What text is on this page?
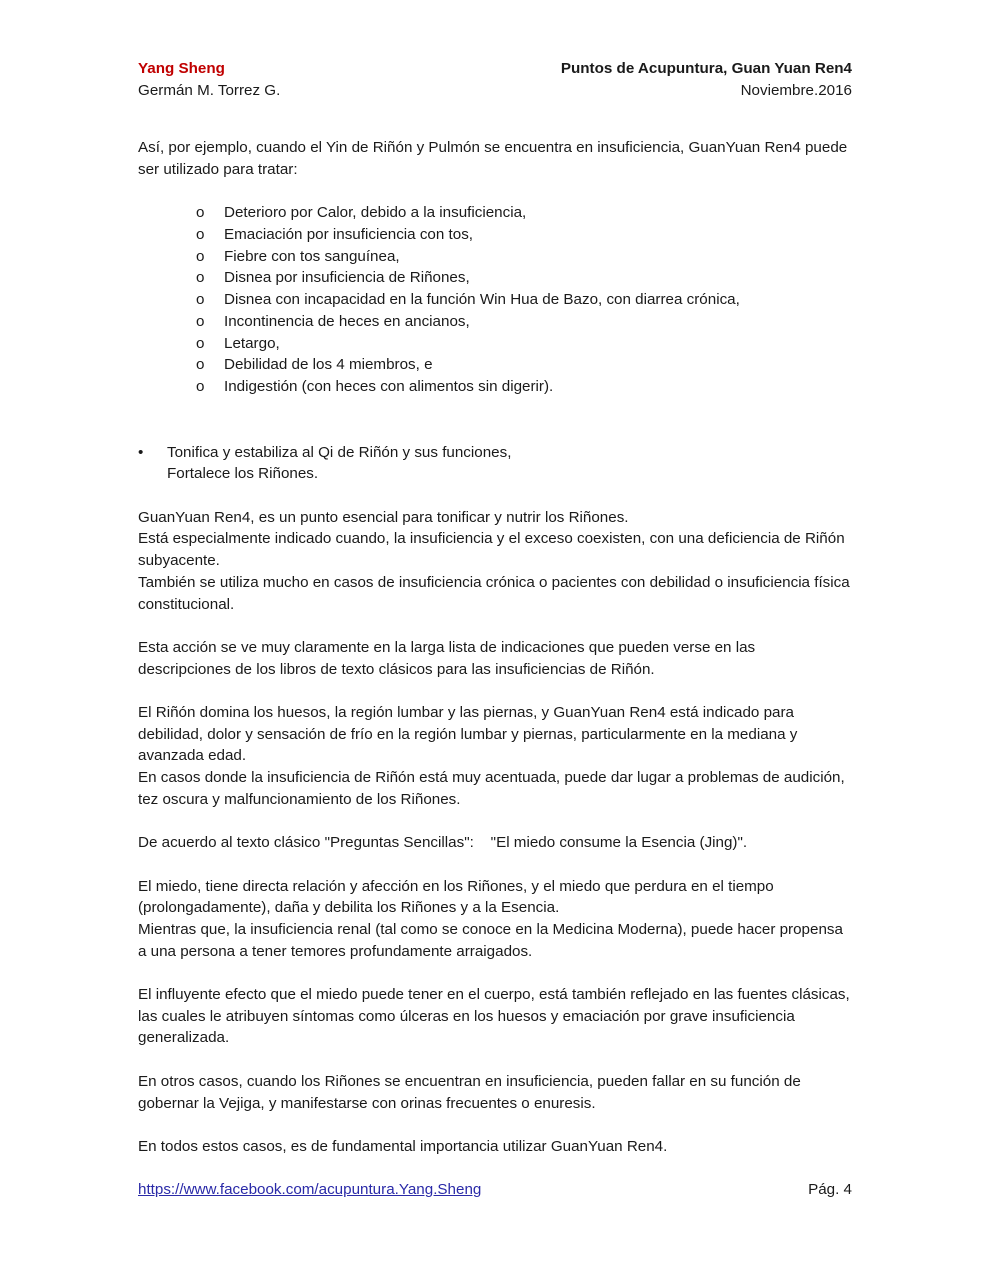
Yang Sheng	Puntos de Acupuntura, Guan Yuan Ren4
Germán M. Torrez G.	Noviembre.2016

Así, por ejemplo, cuando el Yin de Riñón y Pulmón se encuentra en insuficiencia, GuanYuan Ren4 puede ser utilizado para tratar:

o Deterioro por Calor, debido a la insuficiencia,
o Emaciación por insuficiencia con tos,
o Fiebre con tos sanguínea,
o Disnea por insuficiencia de Riñones,
o Disnea con incapacidad en la función Win Hua de Bazo, con diarrea crónica,
o Incontinencia de heces en ancianos,
o Letargo,
o Debilidad de los 4 miembros, e
o Indigestión (con heces con alimentos sin digerir).
• Tonifica y estabiliza al Qi de Riñón y sus funciones,
Fortalece los Riñones.

GuanYuan Ren4, es un punto esencial para tonificar y nutrir los Riñones.

Está especialmente indicado cuando, la insuficiencia y el exceso coexisten, con una deficiencia de Riñón subyacente.

También se utiliza mucho en casos de insuficiencia crónica o pacientes con debilidad o insuficiencia física constitucional.

Esta acción se ve muy claramente en la larga lista de indicaciones que pueden verse en las descripciones de los libros de texto clásicos para las insuficiencias de Riñón.

El Riñón domina los huesos, la región lumbar y las piernas, y GuanYuan Ren4 está indicado para debilidad, dolor y sensación de frío en la región lumbar y piernas, particularmente en la mediana y avanzada edad.

En casos donde la insuficiencia de Riñón está muy acentuada, puede dar lugar a problemas de audición, tez oscura y malfuncionamiento de los Riñones.

De acuerdo al texto clásico "Preguntas Sencillas":    "El miedo consume la Esencia (Jing)".

El miedo, tiene directa relación y afección en los Riñones, y el miedo que perdura en el tiempo (prolongadamente), daña y debilita los Riñones y a la Esencia.

Mientras que, la insuficiencia renal (tal como se conoce en la Medicina Moderna), puede hacer propensa a una persona a tener temores profundamente arraigados.

El influyente efecto que el miedo puede tener en el cuerpo, está también reflejado en las fuentes clásicas, las cuales le atribuyen síntomas como úlceras en los huesos y emaciación por grave insuficiencia generalizada.

En otros casos, cuando los Riñones se encuentran en insuficiencia, pueden fallar en su función de gobernar la Vejiga, y manifestarse con orinas frecuentes o enuresis.

En todos estos casos, es de fundamental importancia utilizar GuanYuan Ren4.

https://www.facebook.com/acupuntura.Yang.Sheng	Pág. 4
